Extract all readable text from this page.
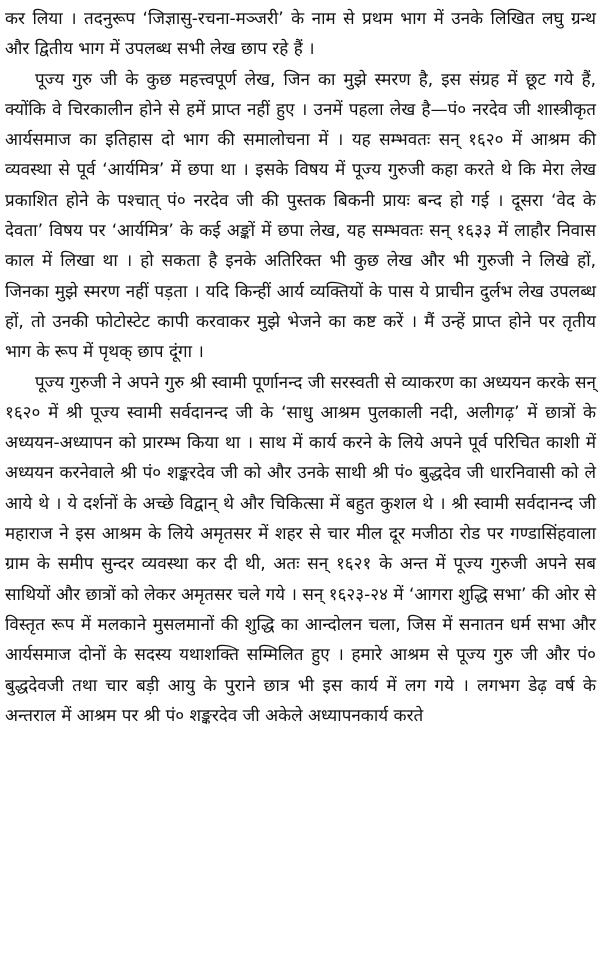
कर लिया । तदनुरूप ‘जिज्ञासु-रचना-मञ्जरी’ के नाम से प्रथम भाग में उनके लिखित लघु ग्रन्थ और द्वितीय भाग में उपलब्ध सभी लेख छाप रहे हैं ।

पूज्य गुरु जी के कुछ महत्त्वपूर्ण लेख, जिन का मुझे स्मरण है, इस संग्रह में छूट गये हैं, क्योंकि वे चिरकालीन होने से हमें प्राप्त नहीं हुए । उनमें पहला लेख है—पं० नरदेव जी शास्त्रीकृत आर्यसमाज का इतिहास दो भाग की समालोचना में । यह सम्भवतः सन् १६२० में आश्रम की व्यवस्था से पूर्व ‘आर्यमित्र’ में छपा था । इसके विषय में पूज्य गुरुजी कहा करते थे कि मेरा लेख प्रकाशित होने के पश्चात् पं० नरदेव जी की पुस्तक बिकनी प्रायः बन्द हो गई । दूसरा ‘वेद के देवता’ विषय पर ‘आर्यमित्र’ के कई अङ्कों में छपा लेख, यह सम्भवतः सन् १६३३ में लाहौर निवास काल में लिखा था । हो सकता है इनके अतिरिक्त भी कुछ लेख और भी गुरुजी ने लिखे हों, जिनका मुझे स्मरण नहीं पड़ता । यदि किन्हीं आर्य व्यक्तियों के पास ये प्राचीन दुर्लभ लेख उपलब्ध हों, तो उनकी फोटोस्टेट कापी करवाकर मुझे भेजने का कष्ट करें । मैं उन्हें प्राप्त होने पर तृतीय भाग के रूप में पृथक् छाप दूंगा ।

पूज्य गुरुजी ने अपने गुरु श्री स्वामी पूर्णानन्द जी सरस्वती से व्याकरण का अध्ययन करके सन् १६२० में श्री पूज्य स्वामी सर्वदानन्द जी के ‘साधु आश्रम पुलकाली नदी, अलीगढ़’ में छात्रों के अध्ययन-अध्यापन को प्रारम्भ किया था । साथ में कार्य करने के लिये अपने पूर्व परिचित काशी में अध्ययन करनेवाले श्री पं० शङ्करदेव जी को और उनके साथी श्री पं० बुद्धदेव जी धारनिवासी को ले आये थे । ये दर्शनों के अच्छे विद्वान् थे और चिकित्सा में बहुत कुशल थे । श्री स्वामी सर्वदानन्द जी महाराज ने इस आश्रम के लिये अमृतसर में शहर से चार मील दूर मजीठा रोड पर गण्डासिंहवाला ग्राम के समीप सुन्दर व्यवस्था कर दी थी, अतः सन् १६२१ के अन्त में पूज्य गुरुजी अपने सब साथियों और छात्रों को लेकर अमृतसर चले गये । सन् १६२३-२४ में ‘आगरा शुद्धि सभा’ की ओर से विस्तृत रूप में मलकाने मुसलमानों की शुद्धि का आन्दोलन चला, जिस में सनातन धर्म सभा और आर्यसमाज दोनों के सदस्य यथाशक्ति सम्मिलित हुए । हमारे आश्रम से पूज्य गुरु जी और पं० बुद्धदेवजी तथा चार बड़ी आयु के पुराने छात्र भी इस कार्य में लग गये । लगभग डेढ़ वर्ष के अन्तराल में आश्रम पर श्री पं० शङ्करदेव जी अकेले अध्यापनकार्य करते
